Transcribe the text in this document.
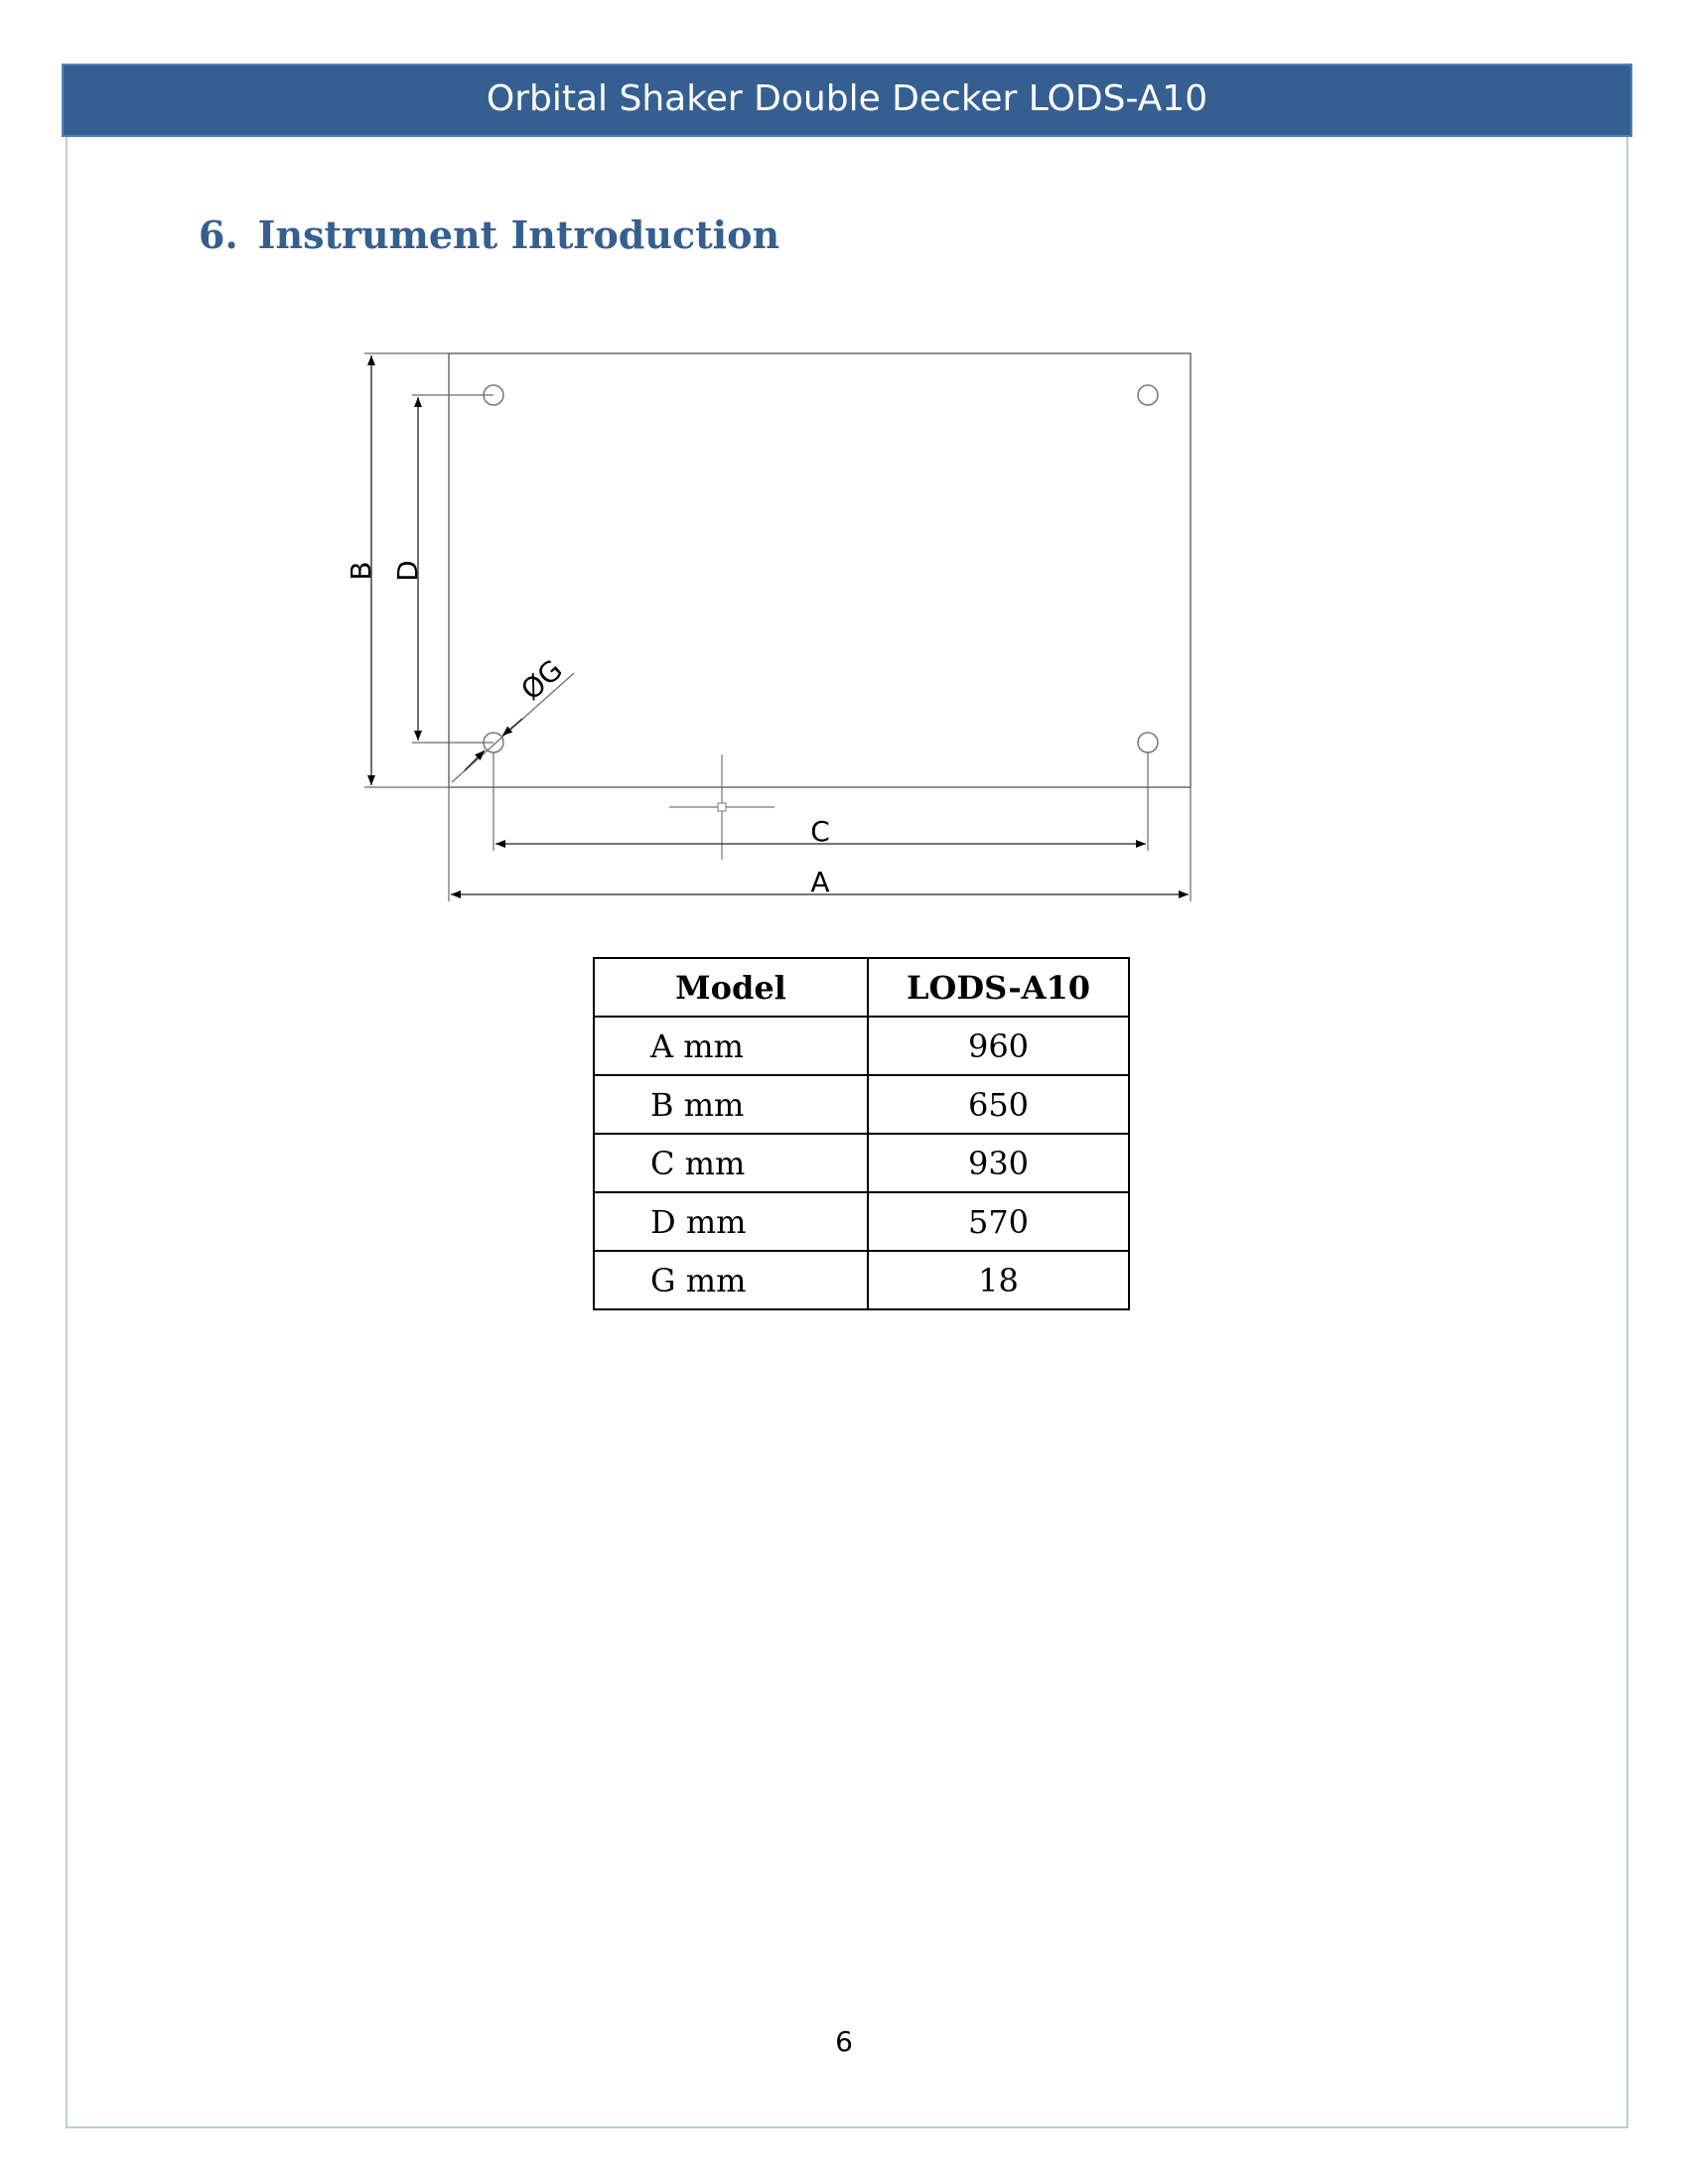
Orbital Shaker Double Decker LODS-A10
6. Instrument Introduction
B D
ØG
C
A
Model	LODS-A10
A mm	960
B mm	650
C mm	930
D mm	570
G mm	18
6
